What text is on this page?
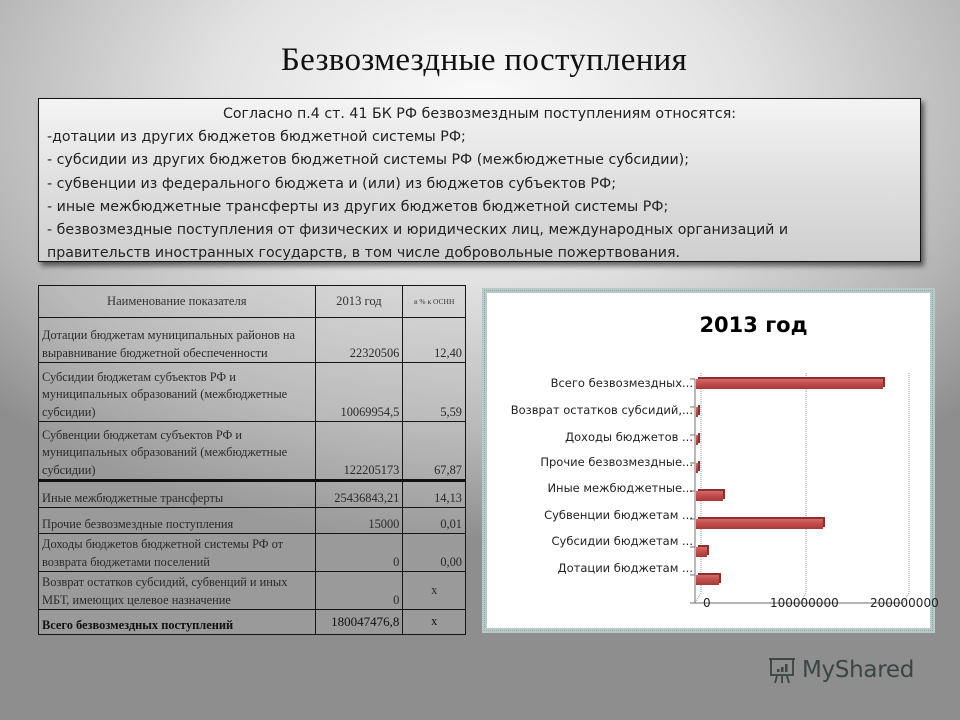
Безвозмездные поступления
Согласно п.4 ст. 41 БК РФ безвозмездным поступлениям относятся:
-дотации из других бюджетов бюджетной системы РФ;
- субсидии из других бюджетов бюджетной системы РФ (межбюджетные субсидии);
- субвенции из федерального бюджета и (или) из бюджетов субъектов РФ;
- иные межбюджетные трансферты из других бюджетов бюджетной системы РФ;
- безвозмездные поступления от физических и юридических лиц, международных организаций и
правительств иностранных государств, в том числе добровольные пожертвования.
Наименование показателя	2013 год	в % к ОСНН
Дотации бюджетам муниципальных районов на выравнивание бюджетной обеспеченности	22320506	12,40
Субсидии бюджетам субъектов РФ и муниципальных образований (межбюджетные субсидии)	10069954,5	5,59
Субвенции бюджетам субъектов РФ и муниципальных образований (межбюджетные субсидии)	122205173	67,87
Иные межбюджетные трансферты	25436843,21	14,13
Прочие безвозмездные поступления	15000	0,01
Доходы бюджетов бюджетной системы РФ от возврата бюджетами поселений	0	0,00
Возврат остатков субсидий, субвенций и иных МБТ, имеющих целевое назначение	0	x
Всего безвозмездных поступлений	180047476,8	x
2013 год
Всего безвозмездных...
Возврат остатков субсидий,...
Доходы бюджетов ...
Прочие безвозмездные...
Иные межбюджетные...
Субвенции бюджетам ...
Субсидии бюджетам ...
Дотации бюджетам ...
0	100000000	200000000
MyShared
